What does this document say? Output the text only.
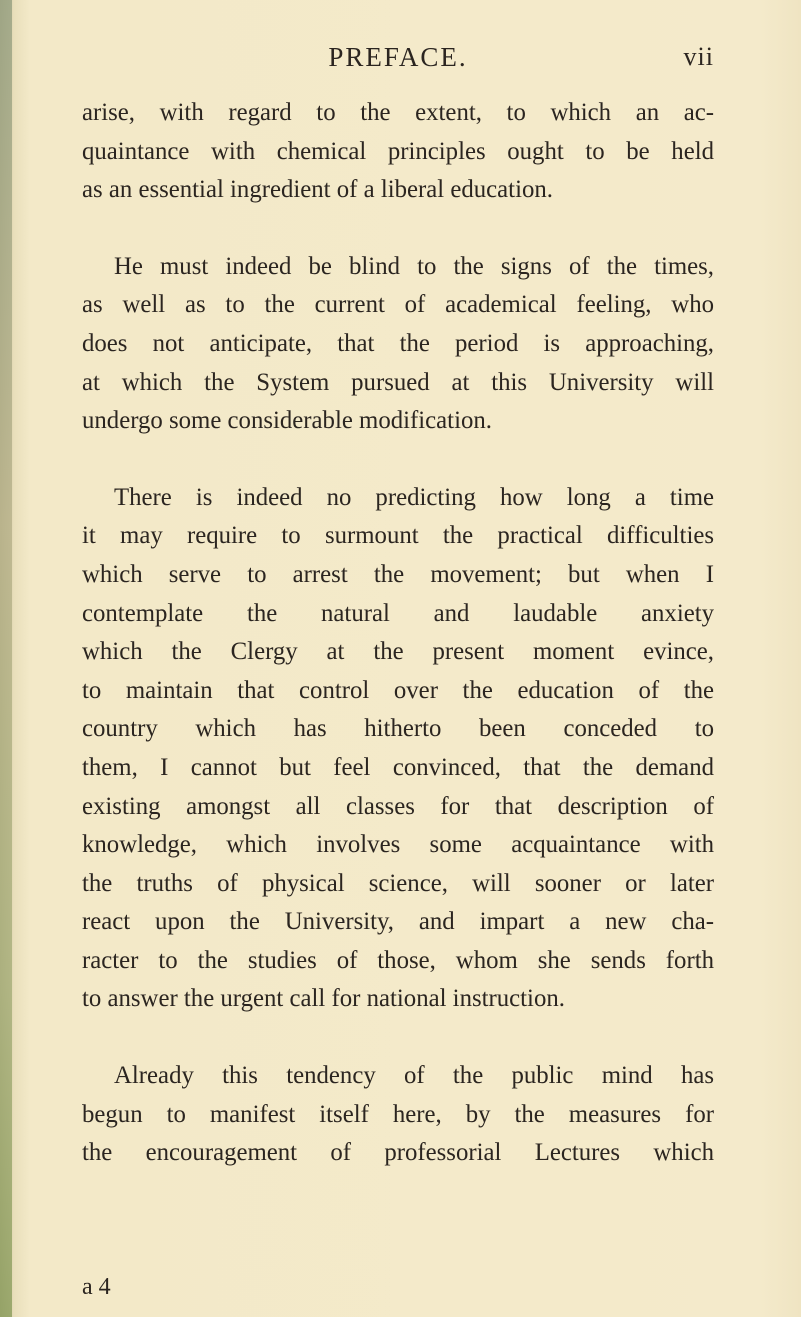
PREFACE.	vii
arise, with regard to the extent, to which an ac-
quaintance with chemical principles ought to be held
as an essential ingredient of a liberal education.
He must indeed be blind to the signs of the times,
as well as to the current of academical feeling, who
does not anticipate, that the period is approaching,
at which the System pursued at this University will
undergo some considerable modification.
There is indeed no predicting how long a time
it may require to surmount the practical difficulties
which serve to arrest the movement; but when I
contemplate the natural and laudable anxiety
which the Clergy at the present moment evince,
to maintain that control over the education of the
country which has hitherto been conceded to
them, I cannot but feel convinced, that the demand
existing amongst all classes for that description of
knowledge, which involves some acquaintance with
the truths of physical science, will sooner or later
react upon the University, and impart a new cha-
racter to the studies of those, whom she sends forth
to answer the urgent call for national instruction.
Already this tendency of the public mind has
begun to manifest itself here, by the measures for
the encouragement of professorial Lectures which
a 4
